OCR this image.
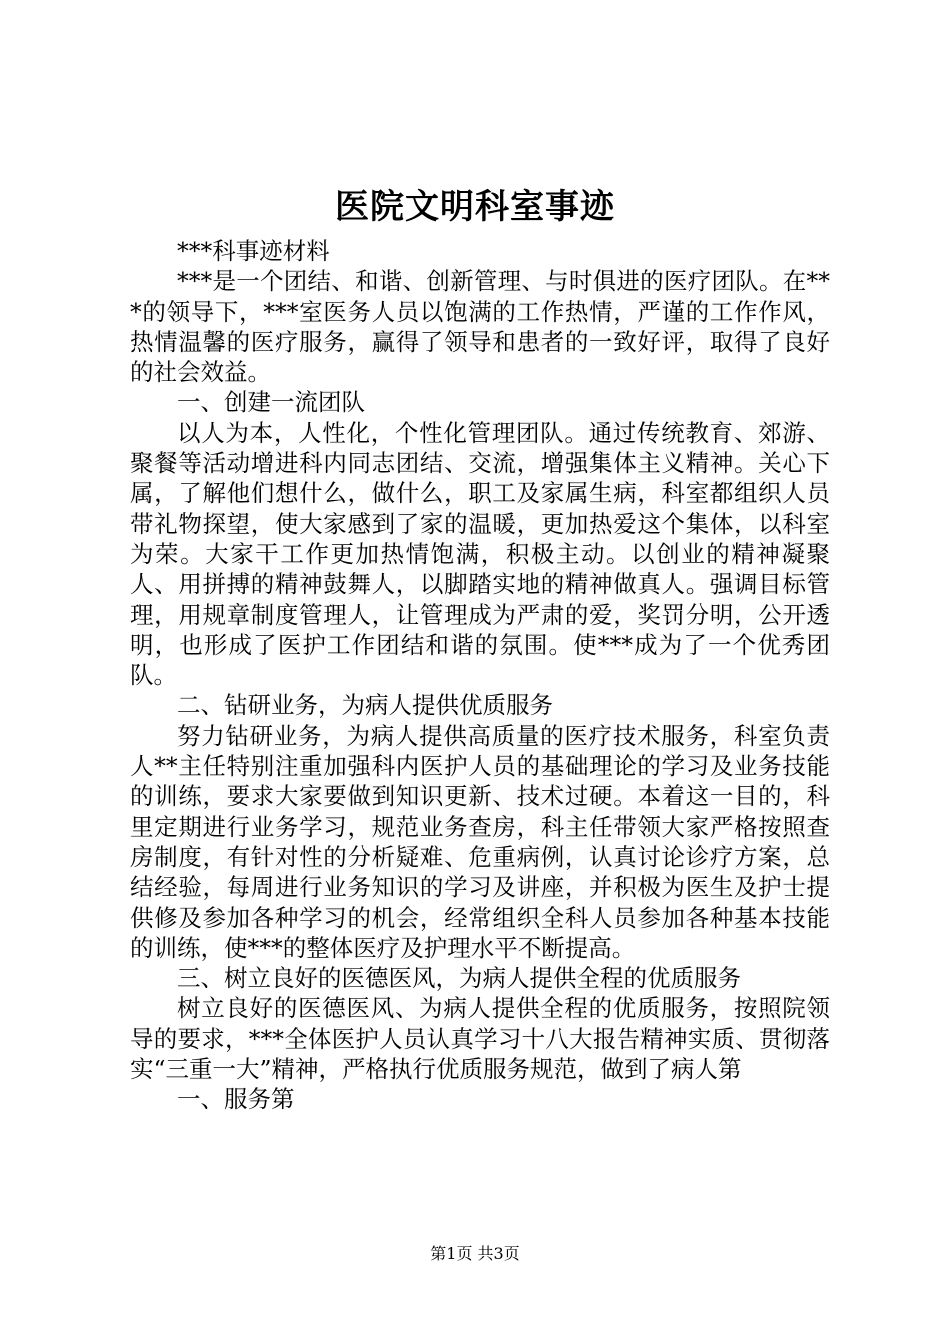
医院文明科室事迹

***科事迹材料

***是一个团结、和谐、创新管理、与时俱进的医疗团队。在***的领导下，***室医务人员以饱满的工作热情，严谨的工作作风，热情温馨的医疗服务，赢得了领导和患者的一致好评，取得了良好的社会效益。

一、创建一流团队

以人为本，人性化，个性化管理团队。通过传统教育、郊游、聚餐等活动增进科内同志团结、交流，增强集体主义精神。关心下属，了解他们想什么，做什么，职工及家属生病，科室都组织人员带礼物探望，使大家感到了家的温暖，更加热爱这个集体，以科室为荣。大家干工作更加热情饱满，积极主动。以创业的精神凝聚人、用拼搏的精神鼓舞人，以脚踏实地的精神做真人。强调目标管理，用规章制度管理人，让管理成为严肃的爱，奖罚分明，公开透明，也形成了医护工作团结和谐的氛围。使***成为了一个优秀团队。

二、钻研业务，为病人提供优质服务

努力钻研业务，为病人提供高质量的医疗技术服务，科室负责人**主任特别注重加强科内医护人员的基础理论的学习及业务技能的训练，要求大家要做到知识更新、技术过硬。本着这一目的，科里定期进行业务学习，规范业务查房，科主任带领大家严格按照查房制度，有针对性的分析疑难、危重病例，认真讨论诊疗方案，总结经验，每周进行业务知识的学习及讲座，并积极为医生及护士提供修及参加各种学习的机会，经常组织全科人员参加各种基本技能的训练，使***的整体医疗及护理水平不断提高。

三、树立良好的医德医风，为病人提供全程的优质服务

树立良好的医德医风、为病人提供全程的优质服务，按照院领导的要求，***全体医护人员认真学习十八大报告精神实质、贯彻落实“三重一大”精神，严格执行优质服务规范，做到了病人第

一、服务第

第1页 共3页
